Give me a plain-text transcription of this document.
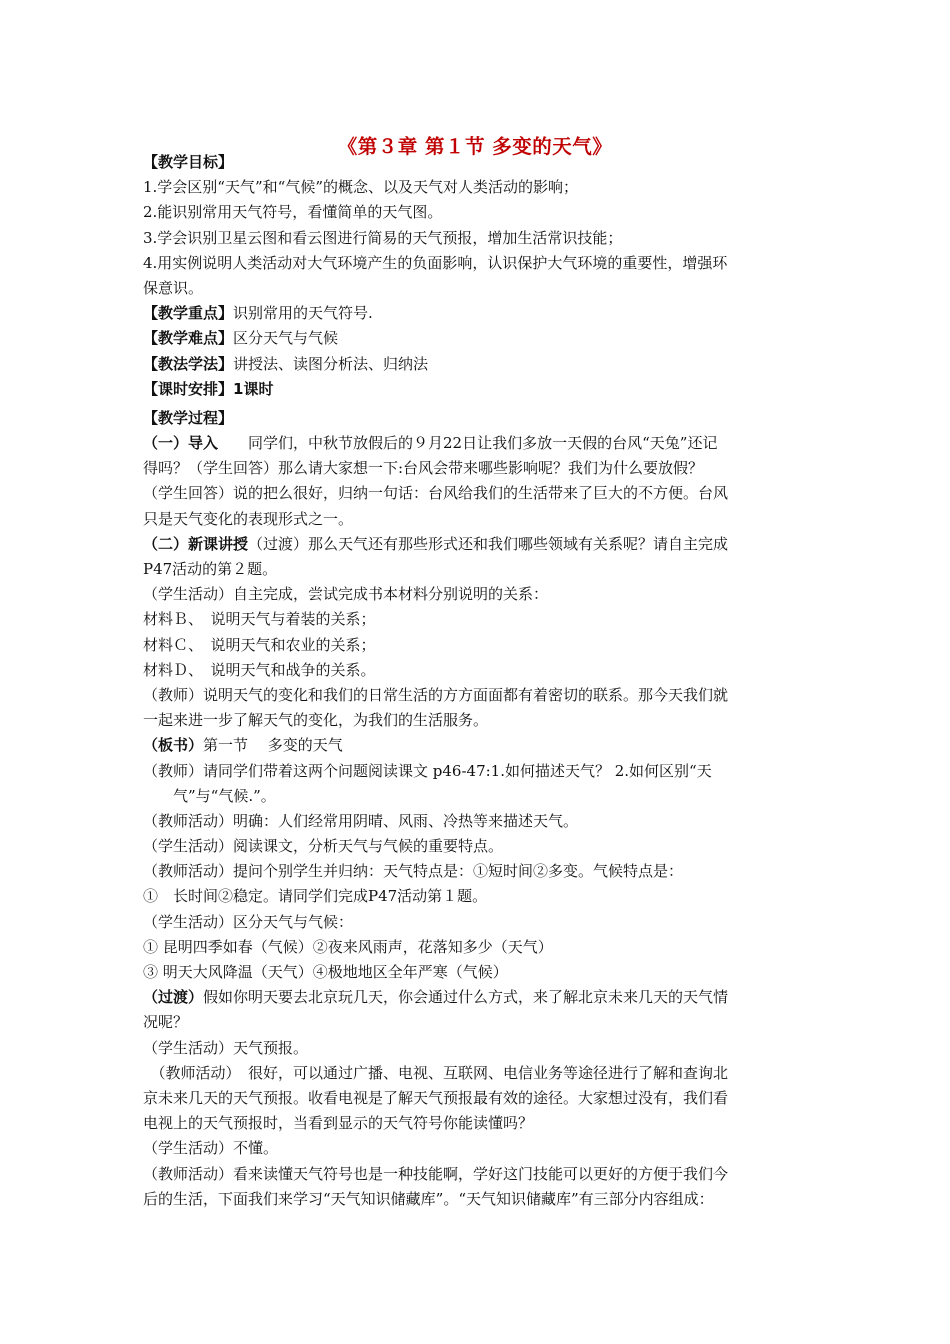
《第３章 第１节 多变的天气》
【教学目标】
1.学会区别“天气”和“气候”的概念、以及天气对人类活动的影响；
2.能识别常用天气符号，看懂简单的天气图。
3.学会识别卫星云图和看云图进行简易的天气预报，增加生活常识技能；
4.用实例说明人类活动对大气环境产生的负面影响，认识保护大气环境的重要性，增强环
保意识。
【教学重点】识别常用的天气符号.
【教学难点】区分天气与气候
【教法学法】讲授法、读图分析法、归纳法
【课时安排】1课时
【教学过程】
（一）导入　　同学们，中秋节放假后的９月22日让我们多放一天假的台风“天兔”还记
得吗？（学生回答）那么请大家想一下:台风会带来哪些影响呢？我们为什么要放假？
（学生回答）说的把么很好，归纳一句话：台风给我们的生活带来了巨大的不方便。台风
只是天气变化的表现形式之一。
（二）新课讲授（过渡）那么天气还有那些形式还和我们哪些领域有关系呢？请自主完成
P47活动的第２题。
（学生活动）自主完成，尝试完成书本材料分别说明的关系：
材料Ｂ、　说明天气与着装的关系；
材料Ｃ、　说明天气和农业的关系；
材料Ｄ、　说明天气和战争的关系。
（教师）说明天气的变化和我们的日常生活的方方面面都有着密切的联系。那今天我们就
一起来进一步了解天气的变化，为我们的生活服务。
（板书）第一节　 多变的天气
（教师）请同学们带着这两个问题阅读课文 p46-47:1.如何描述天气？ 2.如何区别“天
　　气”与“气候.”。
（教师活动）明确：人们经常用阴晴、风雨、冷热等来描述天气。
（学生活动）阅读课文，分析天气与气候的重要特点。
（教师活动）提问个别学生并归纳：天气特点是：①短时间②多变。气候特点是：
①　长时间②稳定。请同学们完成P47活动第１题。
（学生活动）区分天气与气候：
① 昆明四季如春（气候）②夜来风雨声，花落知多少（天气）
③ 明天大风降温（天气）④极地地区全年严寒（气候）
（过渡）假如你明天要去北京玩几天，你会通过什么方式，来了解北京未来几天的天气情
况呢？
（学生活动）天气预报。
　（教师活动）　很好，可以通过广播、电视、互联网、电信业务等途径进行了解和查询北
京未来几天的天气预报。收看电视是了解天气预报最有效的途径。大家想过没有，我们看
电视上的天气预报时，当看到显示的天气符号你能读懂吗？
（学生活动）不懂。
（教师活动）看来读懂天气符号也是一种技能啊，学好这门技能可以更好的方便于我们今
后的生活，下面我们来学习“天气知识储藏库”。“天气知识储藏库”有三部分内容组成：
